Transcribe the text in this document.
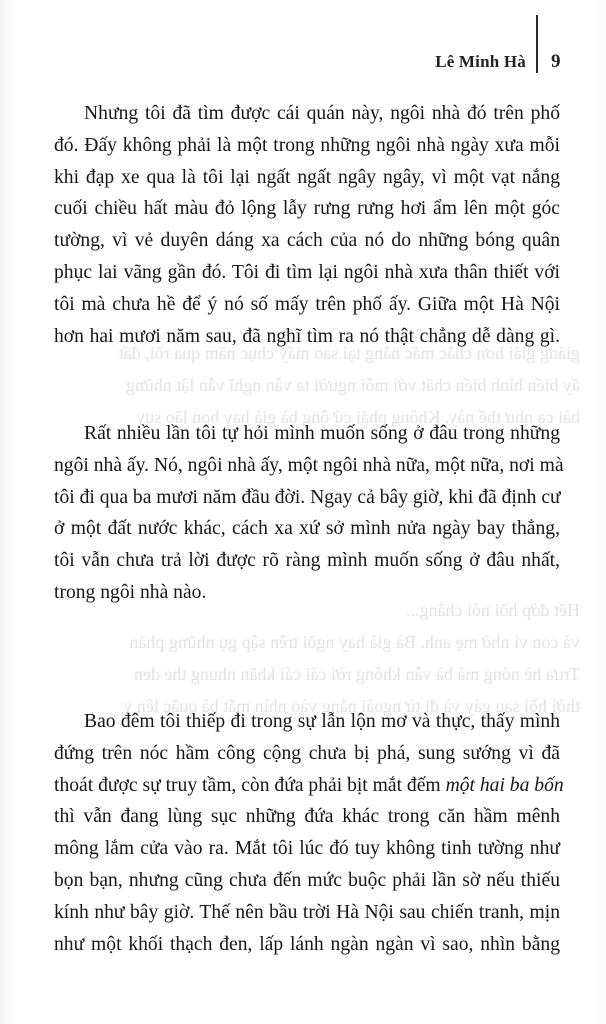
giảng giải hơn chắc mấc nắng tại sao mấy chục năm qua rồi, đất
ấy biến hình biến chất với mỗi người ta vẫn nghĩ vẫn lật những
bài ca như thế này. Không phải cứ ông bà già hay bọn lão suy
Hết đớp hồi nói chẳng...
và con vì nhớ mẹ anh. Bà già hay ngồi trên sập gụ những phản
Trưa hè nóng mà bà vẫn không rời cái cái khăn nhung the đen
thời hồi sau gáy và đi từ ngoài nắng vào nhìn mắt bà quắc lên y
Lê Minh Hà 9

Nhưng tôi đã tìm được cái quán này, ngôi nhà đó trên phố
đó. Đấy không phải là một trong những ngôi nhà ngày xưa mỗi
khi đạp xe qua là tôi lại ngất ngất ngây ngây, vì một vạt nắng
cuối chiều hất màu đỏ lộng lẫy rưng rưng hơi ẩm lên một góc
tường, vì vẻ duyên dáng xa cách của nó do những bóng quân
phục lai vãng gần đó. Tôi đi tìm lại ngôi nhà xưa thân thiết với
tôi mà chưa hề để ý nó số mấy trên phố ấy. Giữa một Hà Nội
hơn hai mươi năm sau, đã nghĩ tìm ra nó thật chẳng dễ dàng gì.

Rất nhiều lần tôi tự hỏi mình muốn sống ở đâu trong những
ngôi nhà ấy. Nó, ngôi nhà ấy, một ngôi nhà nữa, một nữa, nơi mà
tôi đi qua ba mươi năm đầu đời. Ngay cả bây giờ, khi đã định cư
ở một đất nước khác, cách xa xứ sở mình nửa ngày bay thẳng,
tôi vẫn chưa trả lời được rõ ràng mình muốn sống ở đâu nhất,
trong ngôi nhà nào.

Bao đêm tôi thiếp đi trong sự lẫn lộn mơ và thực, thấy mình
đứng trên nóc hầm công cộng chưa bị phá, sung sướng vì đã
thoát được sự truy tầm, còn đứa phải bịt mắt đếm một hai ba bốn
thì vẫn đang lùng sục những đứa khác trong căn hầm mênh
mông lắm cửa vào ra. Mắt tôi lúc đó tuy không tinh tường như
bọn bạn, nhưng cũng chưa đến mức buộc phải lần sờ nếu thiếu
kính như bây giờ. Thế nên bầu trời Hà Nội sau chiến tranh, mịn
như một khối thạch đen, lấp lánh ngàn ngàn vì sao, nhìn bằng
